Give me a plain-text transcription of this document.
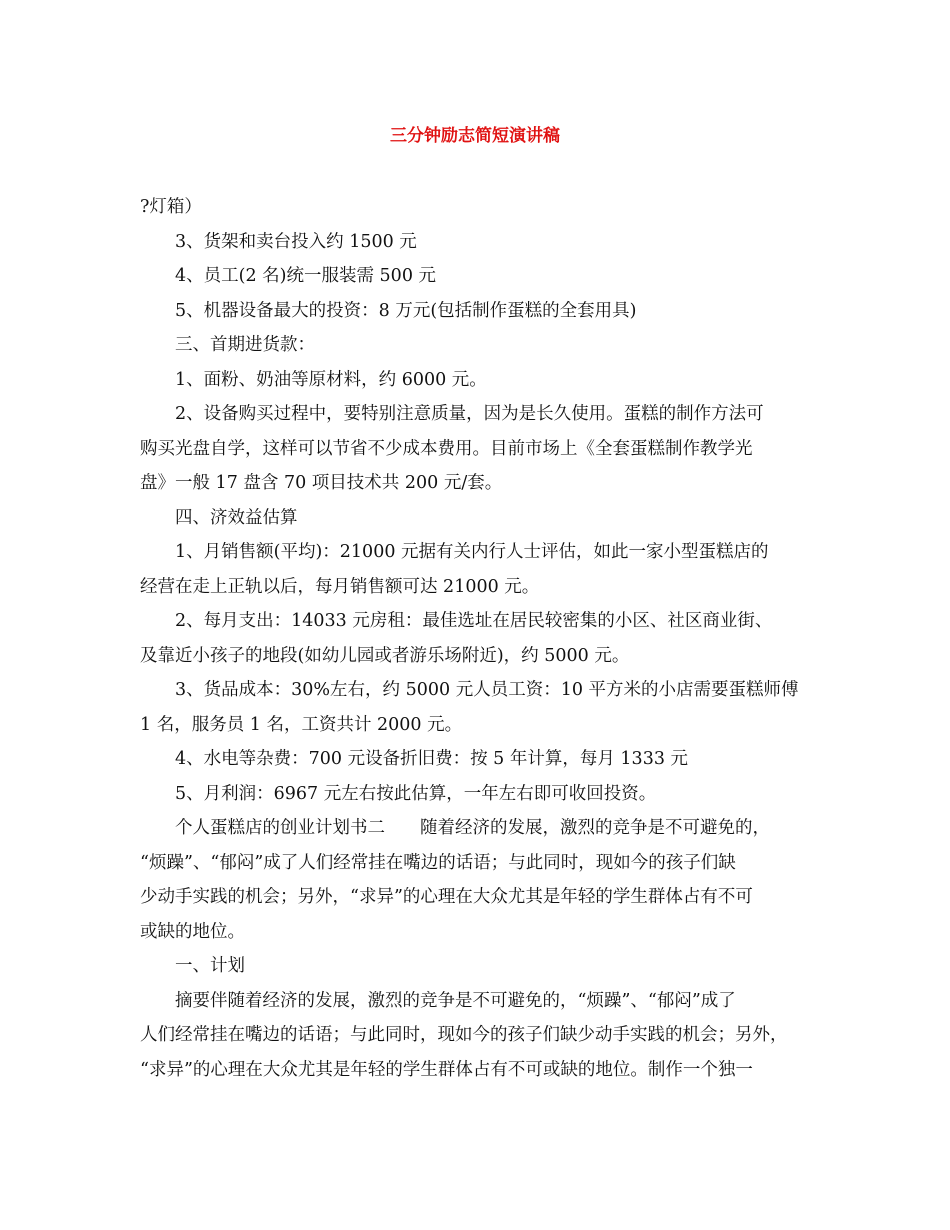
三分钟励志简短演讲稿

?灯箱）

3、货架和卖台投入约 1500 元

4、员工(2 名)统一服装需 500 元

5、机器设备最大的投资：8 万元(包括制作蛋糕的全套用具)

三、首期进货款：

1、面粉、奶油等原材料，约 6000 元。

2、设备购买过程中，要特别注意质量，因为是长久使用。蛋糕的制作方法可

购买光盘自学，这样可以节省不少成本费用。目前市场上《全套蛋糕制作教学光

盘》一般 17 盘含 70 项目技术共 200 元/套。

四、济效益估算

1、月销售额(平均)：21000 元据有关内行人士评估，如此一家小型蛋糕店的

经营在走上正轨以后，每月销售额可达 21000 元。

2、每月支出：14033 元房租：最佳选址在居民较密集的小区、社区商业街、

及靠近小孩子的地段(如幼儿园或者游乐场附近)，约 5000 元。

3、货品成本：30%左右，约 5000 元人员工资：10 平方米的小店需要蛋糕师傅

1 名，服务员 1 名，工资共计 2000 元。

4、水电等杂费：700 元设备折旧费：按 5 年计算，每月 1333 元

5、月利润：6967 元左右按此估算，一年左右即可收回投资。

个人蛋糕店的创业计划书二　　随着经济的发展，激烈的竞争是不可避免的，

“烦躁”、“郁闷”成了人们经常挂在嘴边的话语；与此同时，现如今的孩子们缺

少动手实践的机会；另外，“求异”的心理在大众尤其是年轻的学生群体占有不可

或缺的地位。

一、计划

摘要伴随着经济的发展，激烈的竞争是不可避免的，“烦躁”、“郁闷”成了

人们经常挂在嘴边的话语；与此同时，现如今的孩子们缺少动手实践的机会；另外，

“求异”的心理在大众尤其是年轻的学生群体占有不可或缺的地位。制作一个独一
